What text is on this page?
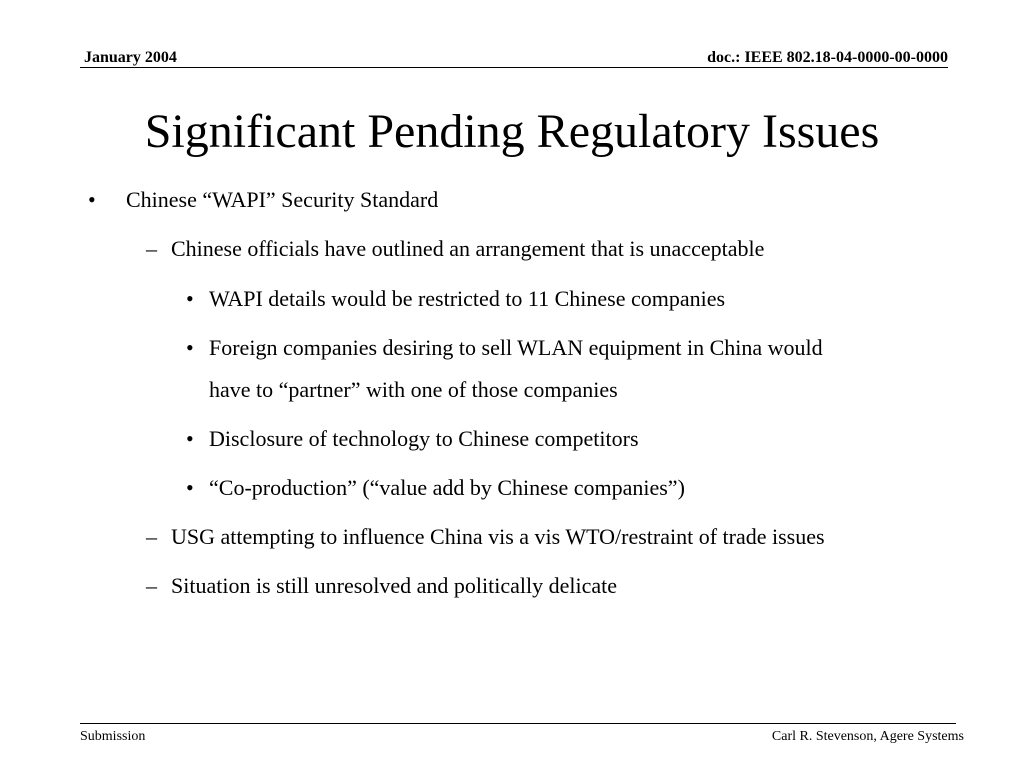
January 2004	doc.: IEEE 802.18-04-0000-00-0000
Significant Pending Regulatory Issues
• Chinese “WAPI” Security Standard
– Chinese officials have outlined an arrangement that is unacceptable
• WAPI details would be restricted to 11 Chinese companies
• Foreign companies desiring to sell WLAN equipment in China would
have to “partner” with one of those companies
• Disclosure of technology to Chinese competitors
• “Co-production” (“value add by Chinese companies”)
– USG attempting to influence China vis a vis WTO/restraint of trade issues
– Situation is still unresolved and politically delicate
Submission	Carl R. Stevenson, Agere Systems
